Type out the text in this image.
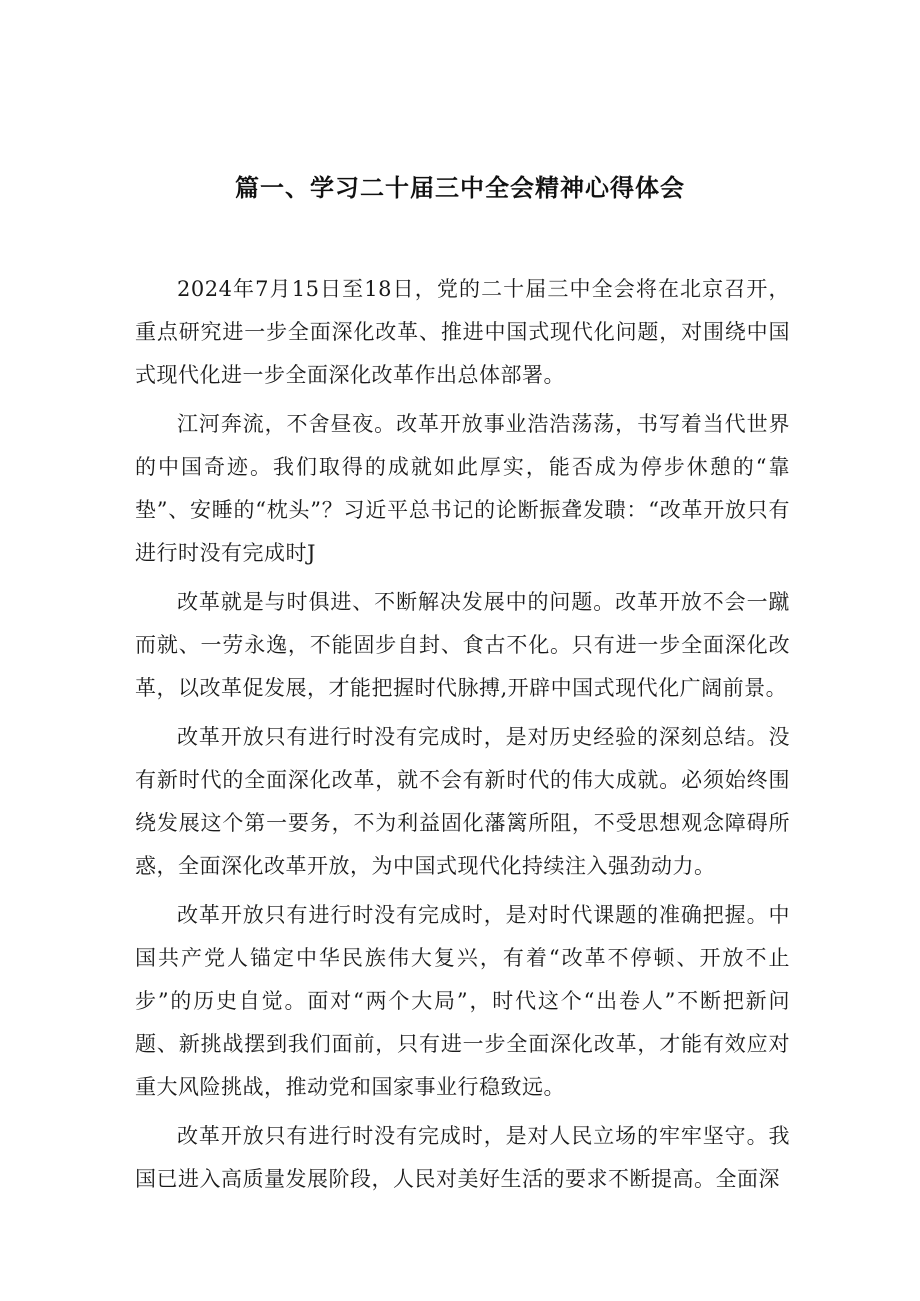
篇一、学习二十届三中全会精神心得体会

2024年7月15日至18日，党的二十届三中全会将在北京召开，重点研究进一步全面深化改革、推进中国式现代化问题，对围绕中国式现代化进一步全面深化改革作出总体部署。

江河奔流，不舍昼夜。改革开放事业浩浩荡荡，书写着当代世界的中国奇迹。我们取得的成就如此厚实，能否成为停步休憩的“靠垫”、安睡的“枕头”？习近平总书记的论断振聋发聩：“改革开放只有进行时没有完成时J

改革就是与时俱进、不断解决发展中的问题。改革开放不会一蹴而就、一劳永逸，不能固步自封、食古不化。只有进一步全面深化改革，以改革促发展，才能把握时代脉搏,开辟中国式现代化广阔前景。

改革开放只有进行时没有完成时，是对历史经验的深刻总结。没有新时代的全面深化改革，就不会有新时代的伟大成就。必须始终围绕发展这个第一要务，不为利益固化藩篱所阻，不受思想观念障碍所惑，全面深化改革开放，为中国式现代化持续注入强劲动力。

改革开放只有进行时没有完成时，是对时代课题的准确把握。中国共产党人锚定中华民族伟大复兴，有着“改革不停顿、开放不止步”的历史自觉。面对“两个大局”，时代这个“出卷人”不断把新问题、新挑战摆到我们面前，只有进一步全面深化改革，才能有效应对重大风险挑战，推动党和国家事业行稳致远。

改革开放只有进行时没有完成时，是对人民立场的牢牢坚守。我国已进入高质量发展阶段，人民对美好生活的要求不断提高。全面深
